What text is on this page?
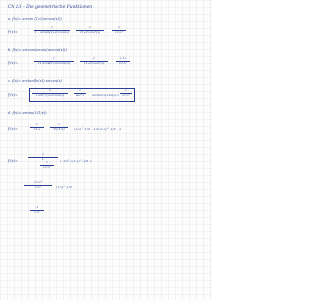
Ch 13 – Die geometrische Funktionen
a. f(x)= arcsin (1/√(arccos(x)))
f'(x)=
1
1 - arcsin(x)·arccos(x) ·
1
√1-arccos²(x) ·
1
√1-x²
b. f(x)= arccos(arcsin(arccos(x)))
f'(x)=
1
√1-arcsin²(arccos(x)) ·
1
√1-arccos²(x) ·
(-1)
√1-x²
c. f(x)= arctan(ln(x))·arccos(x)
f'(x)=
1
1+ln²(x)·arccos(x) ·
1
sec²x · arctan(x)+ln(x)·x
1
√1-x²
d. f(x)= arcsin(√(1/x))
f'(x)=
1
√1-x ·
1
2√(1/x)	(1-x)^-1/2 · -1/2·(1-x)^-1/2 · -x
f'(x)=
1
1-
1
√1-x²
( -1/x² )·(1-x)^-1/2 ·x
√1-x²
1-x²	(1-x)^-1/2
-1
1-x²
